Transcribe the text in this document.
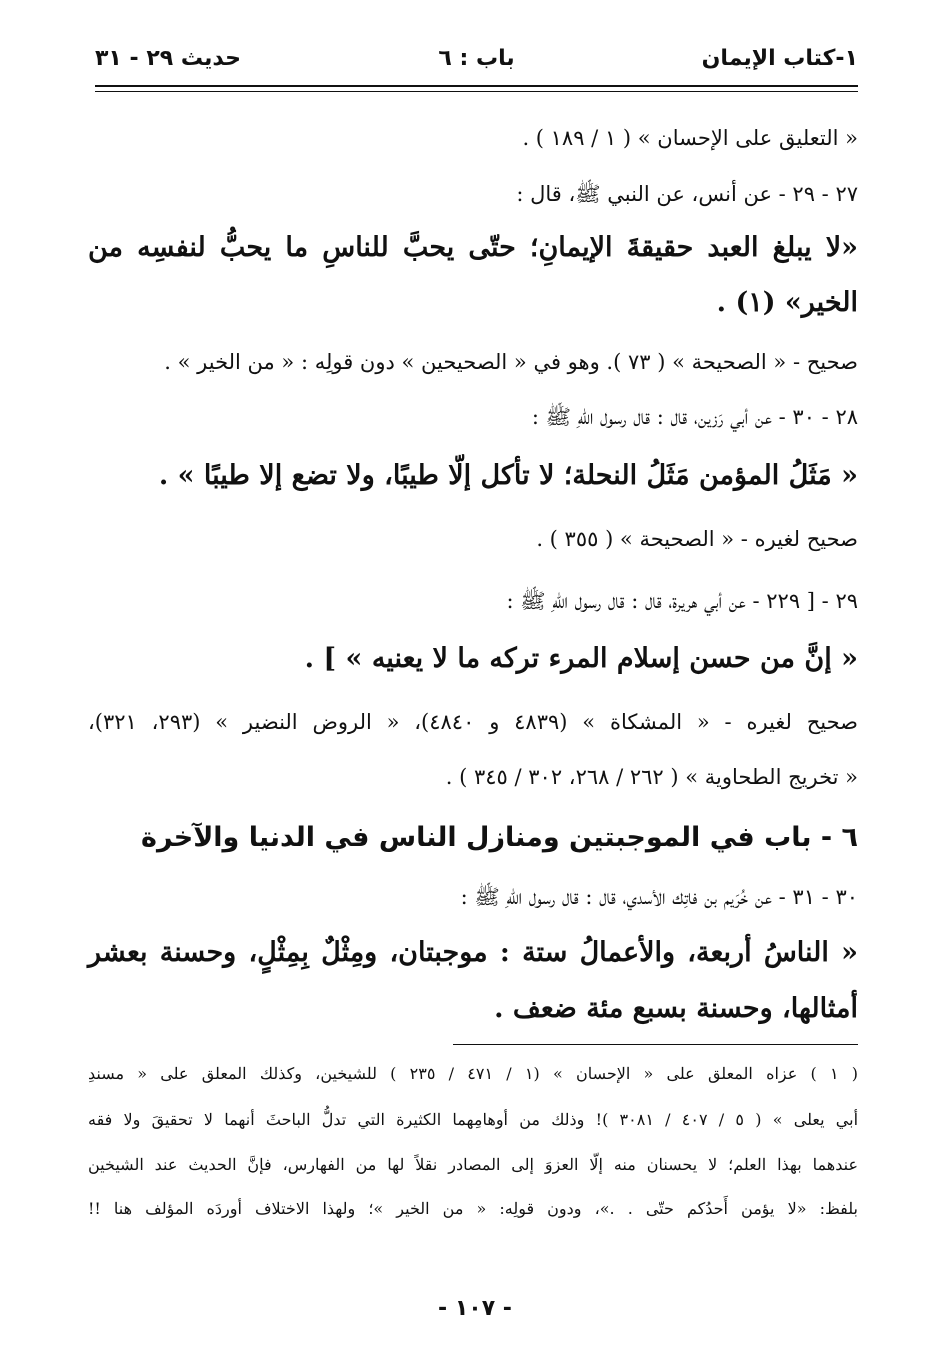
١-كتاب الإيمان
باب : ٦
حديث ٢٩ - ٣١
« التعليق على الإحسان » ( ١ / ١٨٩ ) .
٢٧ - ٢٩ - عن أنس، عن النبي ﷺ، قال :
«لا يبلغ العبد حقيقةَ الإيمانِ؛ حتّى يحبَّ للناسِ ما يحبُّ لنفسِه من
الخير» (١) .
صحيح - « الصحيحة » ( ٧٣ ). وهو في « الصحيحين » دون قولِه : « من الخير » .
٢٨ - ٣٠ - عن أبي رَزين، قال : قال رسول اللهِ ﷺ :
« مَثَلُ المؤمن مَثَلُ النحلة؛ لا تأكل إلّا طيبًا، ولا تضع إلا طيبًا » .
صحيح لغيره - « الصحيحة » ( ٣٥٥ ) .
٢٩ - [ ٢٢٩ - عن أبي هريرة، قال : قال رسول اللهِ ﷺ :
« إنَّ من حسن إسلام المرء تركه ما لا يعنيه » ] .
صحيح لغيره - « المشكاة » (٤٨٣٩ و ٤٨٤٠)، « الروض النضير » (٢٩٣، ٣٢١)،
« تخريج الطحاوية » ( ٢٦٢ / ٢٦٨، ٣٠٢ / ٣٤٥ ) .
٦ - باب في الموجبتين ومنازل الناس في الدنيا والآخرة
٣٠ - ٣١ - عن خُرَيم بن فاتِك الأسدي، قال : قال رسول اللهِ ﷺ :
« الناسُ أربعة، والأعمالُ ستة : موجبتان، ومِثْلٌ بِمِثْلٍ، وحسنة بعشر
أمثالها، وحسنة بسبع مئة ضعف .
( ١ ) عزاه المعلق على « الإحسان » (١ / ٤٧١ / ٢٣٥ ) للشيخين، وكذلك المعلق على « مسندِ
أبي يعلى » ( ٥ / ٤٠٧ / ٣٠٨١ )! وذلك من أوهامِهما الكثيرة التي تدلُّ الباحثَ أنهما لا تحقيقَ ولا فقه
عندهما بهذا العلم؛ لا يحسنان منه إلّا العزوَ إلى المصادر نقلاً لها من الفهارس، فإنَّ الحديث عند الشيخين
بلفظ: «لا يؤمن أَحدُكم حتّى . .»، ودون قولِه: « من الخير »؛ ولهذا الاختلاف أوردَه المؤلف هنا !!
- ١٠٧ -
